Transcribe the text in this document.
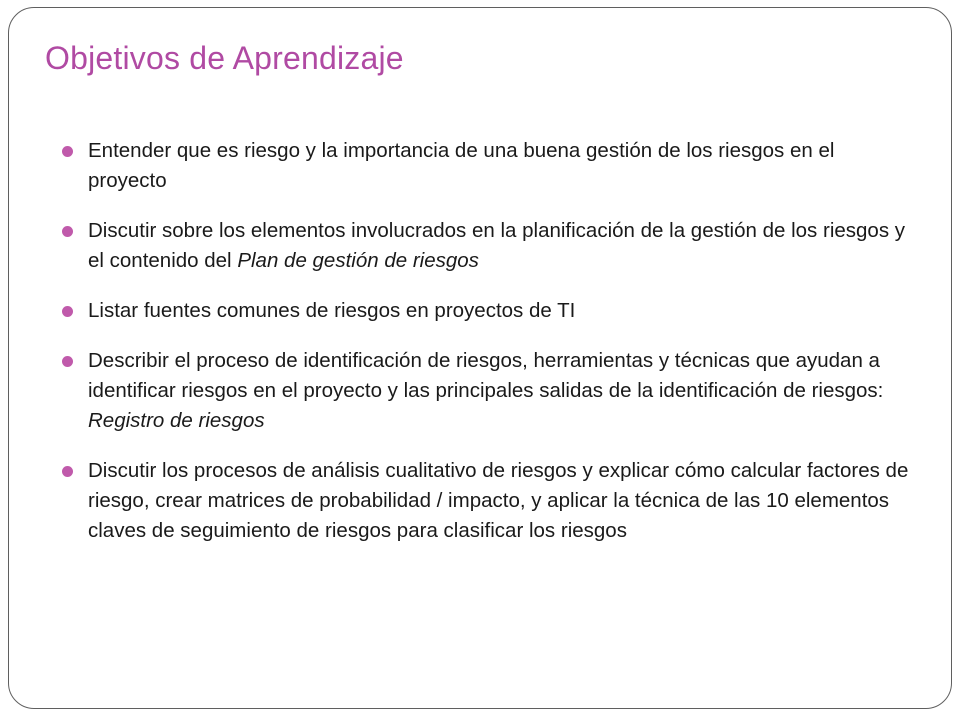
Objetivos de Aprendizaje
Entender que es riesgo y la importancia de una buena gestión de los riesgos en el proyecto
Discutir sobre los elementos involucrados en la planificación de la gestión de los riesgos y el contenido del Plan de gestión de riesgos
Listar fuentes comunes de riesgos en proyectos de TI
Describir el proceso de identificación de riesgos, herramientas y técnicas que ayudan a identificar riesgos en el proyecto y las principales salidas de la identificación de riesgos: Registro de riesgos
Discutir los procesos de análisis cualitativo de riesgos y explicar cómo calcular factores de riesgo, crear matrices de probabilidad / impacto, y aplicar la técnica de las 10 elementos claves de seguimiento de riesgos para clasificar los riesgos
